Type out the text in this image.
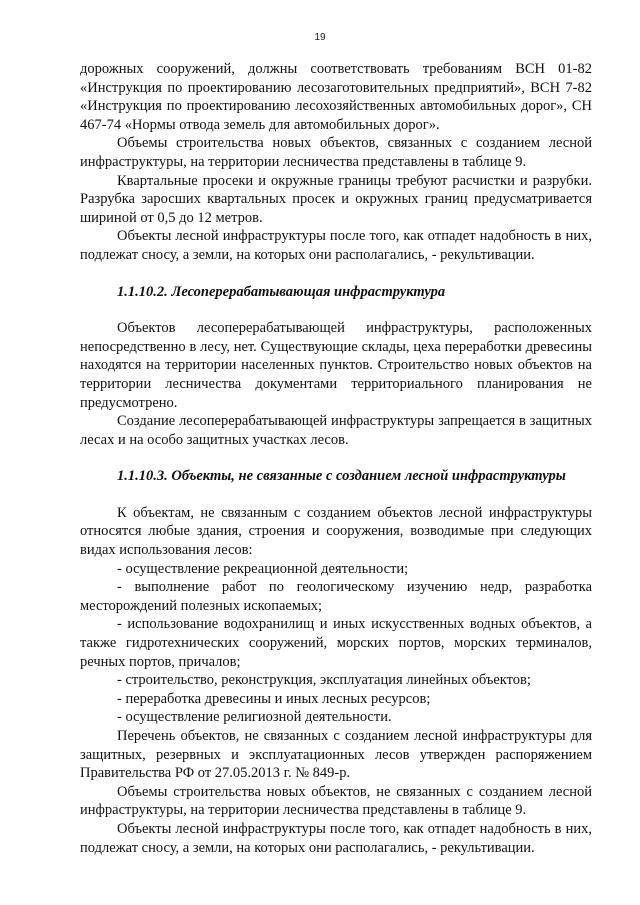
19

дорожных сооружений, должны соответствовать требованиям ВСН 01-82 «Инструкция по проектированию лесозаготовительных предприятий», ВСН 7-82 «Инструкция по проектированию лесохозяйственных автомобильных дорог», СН 467-74 «Нормы отвода земель для автомобильных дорог».

Объемы строительства новых объектов, связанных с созданием лесной инфраструктуры, на территории лесничества представлены в таблице 9.

Квартальные просеки и окружные границы требуют расчистки и разрубки. Разрубка заросших квартальных просек и окружных границ предусматривается шириной от 0,5 до 12 метров.

Объекты лесной инфраструктуры после того, как отпадет надобность в них, подлежат сносу, а земли, на которых они располагались, - рекультивации.

1.1.10.2. Лесоперерабатывающая инфраструктура

Объектов лесоперерабатывающей инфраструктуры, расположенных непосредственно в лесу, нет. Существующие склады, цеха переработки древесины находятся на территории населенных пунктов. Строительство новых объектов на территории лесничества документами территориального планирования не предусмотрено.

Создание лесоперерабатывающей инфраструктуры запрещается в защитных лесах и на особо защитных участках лесов.

1.1.10.3. Объекты, не связанные с созданием лесной инфраструктуры

К объектам, не связанным с созданием объектов лесной инфраструктуры относятся любые здания, строения и сооружения, возводимые при следующих видах использования лесов:

- осуществление рекреационной деятельности;

- выполнение работ по геологическому изучению недр, разработка месторождений полезных ископаемых;

- использование водохранилищ и иных искусственных водных объектов, а также гидротехнических сооружений, морских портов, морских терминалов, речных портов, причалов;

- строительство, реконструкция, эксплуатация линейных объектов;

- переработка древесины и иных лесных ресурсов;

- осуществление религиозной деятельности.

Перечень объектов, не связанных с созданием лесной инфраструктуры для защитных, резервных и эксплуатационных лесов утвержден распоряжением Правительства РФ от 27.05.2013 г. № 849-р.

Объемы строительства новых объектов, не связанных с созданием лесной инфраструктуры, на территории лесничества представлены в таблице 9.

Объекты лесной инфраструктуры после того, как отпадет надобность в них, подлежат сносу, а земли, на которых они располагались, - рекультивации.
